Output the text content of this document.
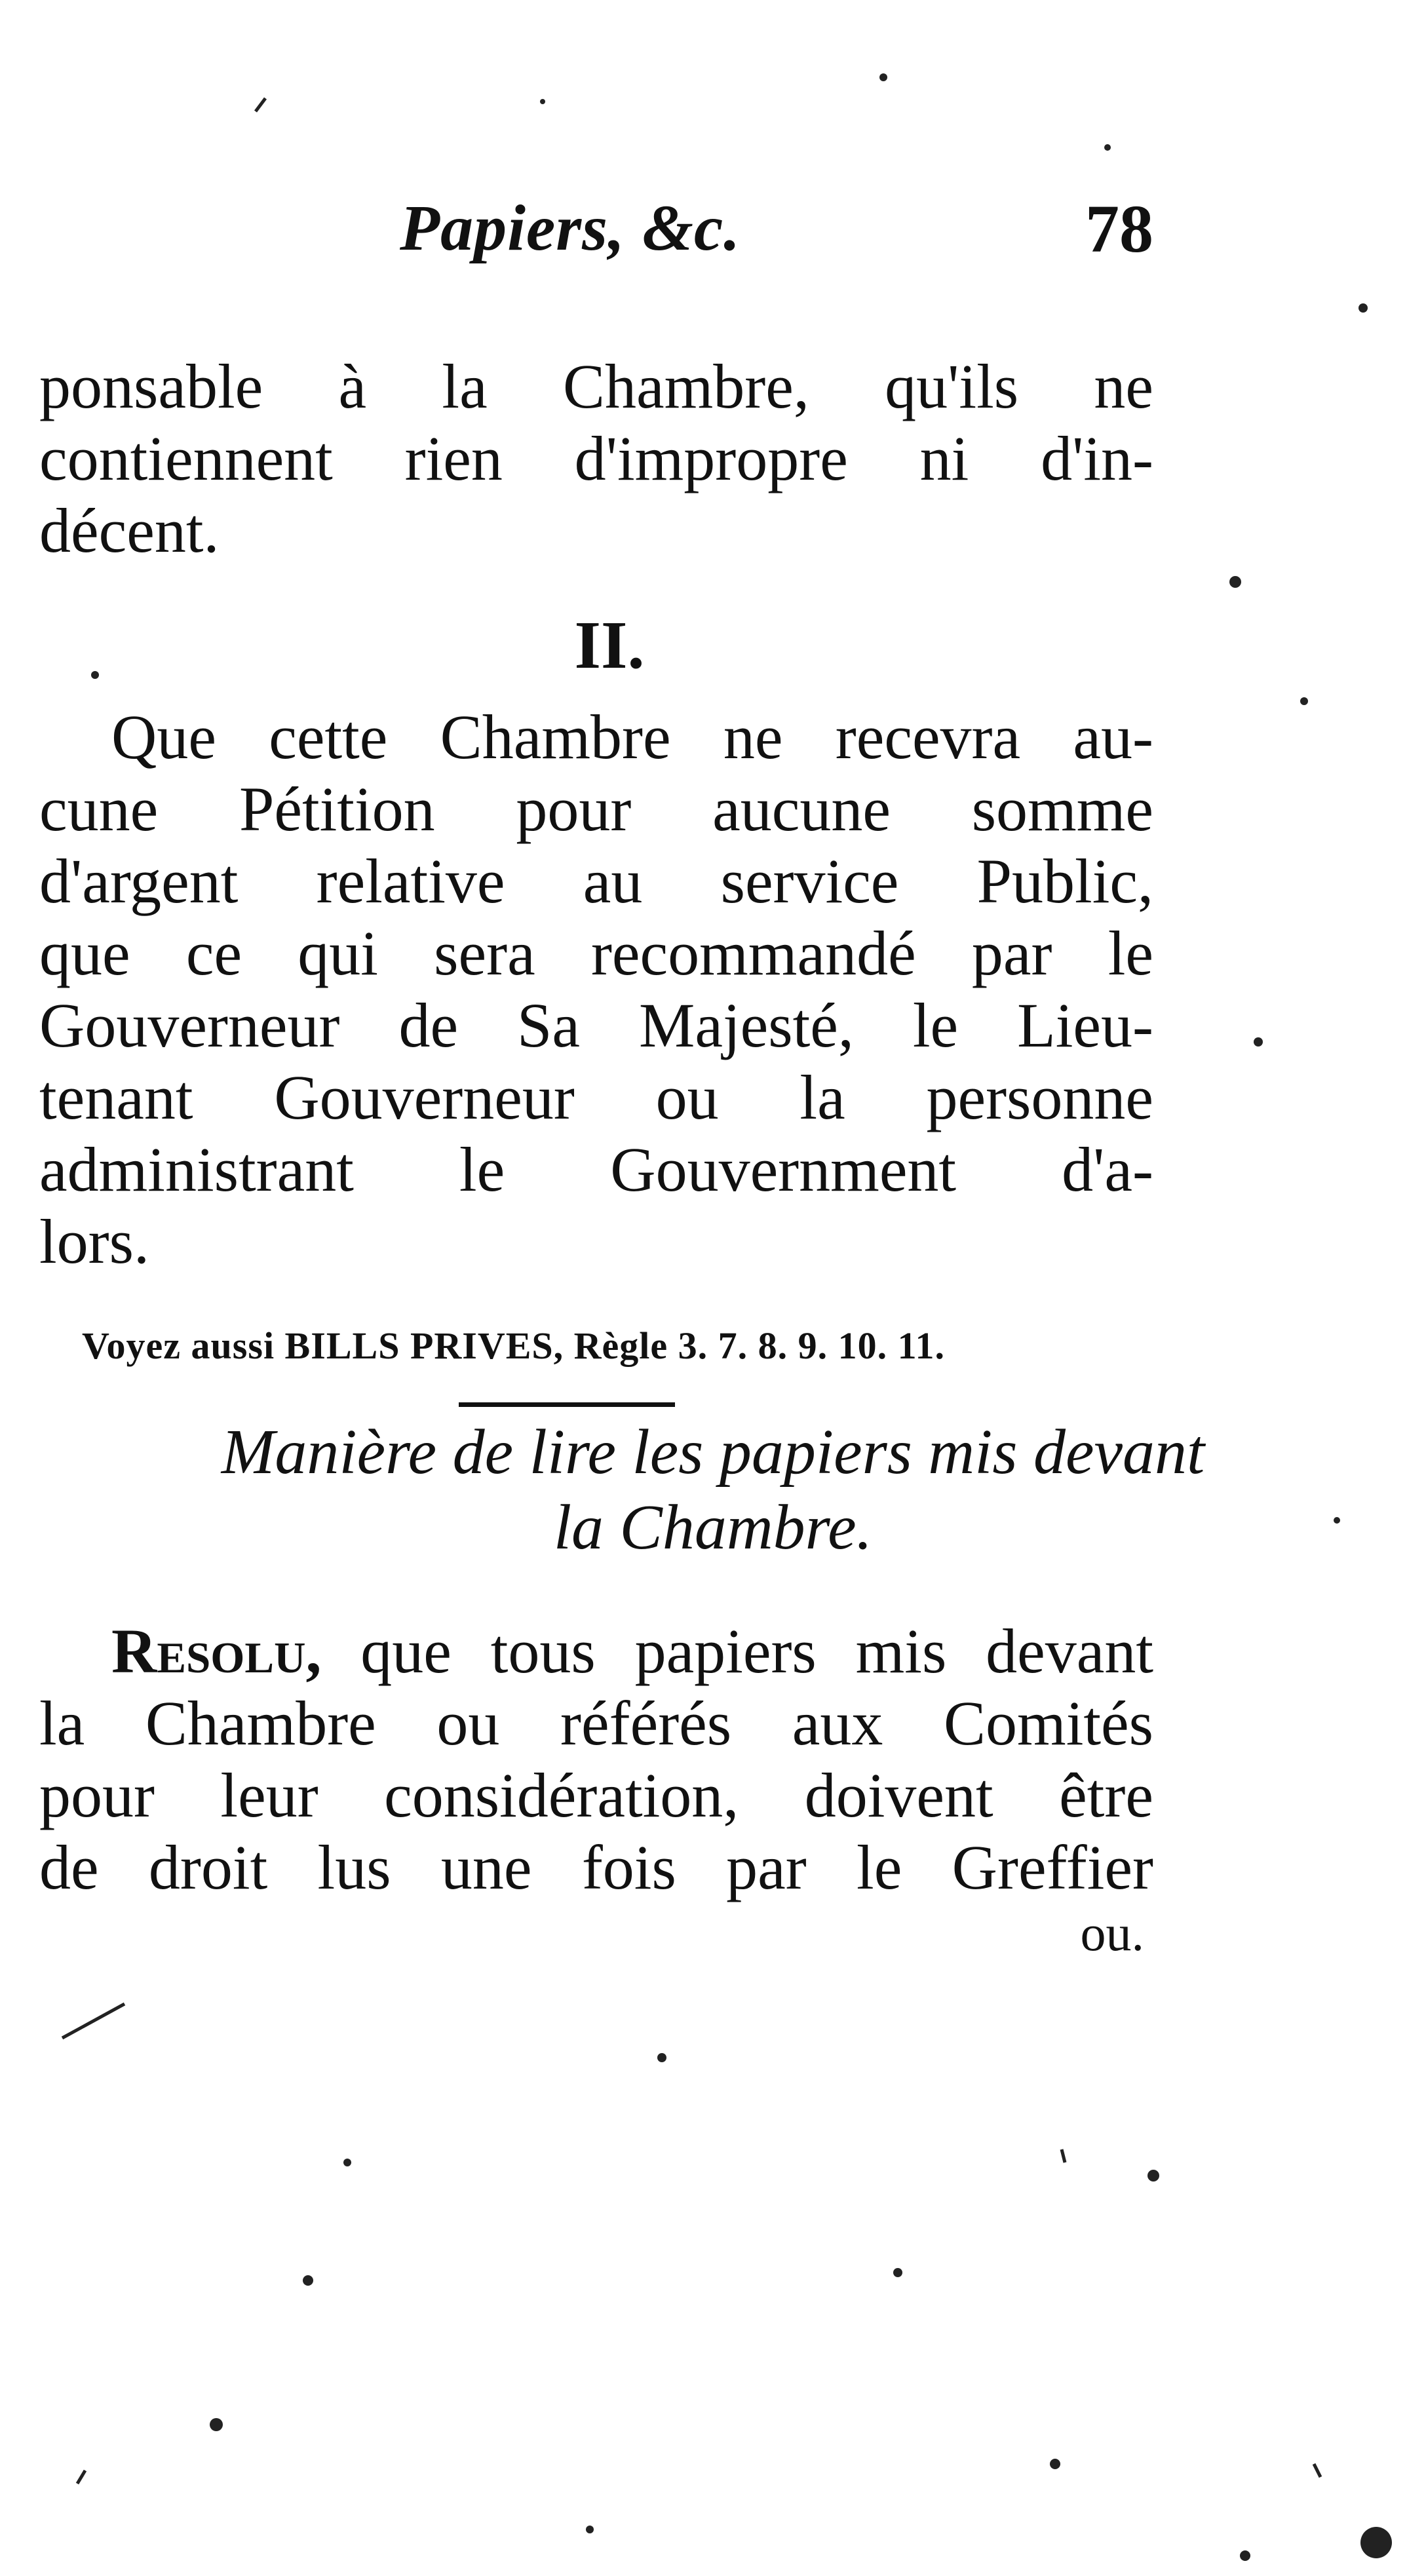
Papiers, &c.	78
ponsable à la Chambre, qu'ils ne
contiennent rien d'impropre ni d'in-
décent.
II.
Que cette Chambre ne recevra au-
cune Pétition pour aucune somme
d'argent relative au service Public,
que ce qui sera recommandé par le
Gouverneur de Sa Majesté, le Lieu-
tenant Gouverneur ou la personne
administrant le Gouvernment d'a-
lors.
Voyez aussi BILLS PRIVES, Règle 3. 7. 8. 9. 10. 11.
Manière de lire les papiers mis devant
la Chambre.
Resolu, que tous papiers mis devant
la Chambre ou référés aux Comités
pour leur considération, doivent être
de droit lus une fois par le Greffier
ou.
